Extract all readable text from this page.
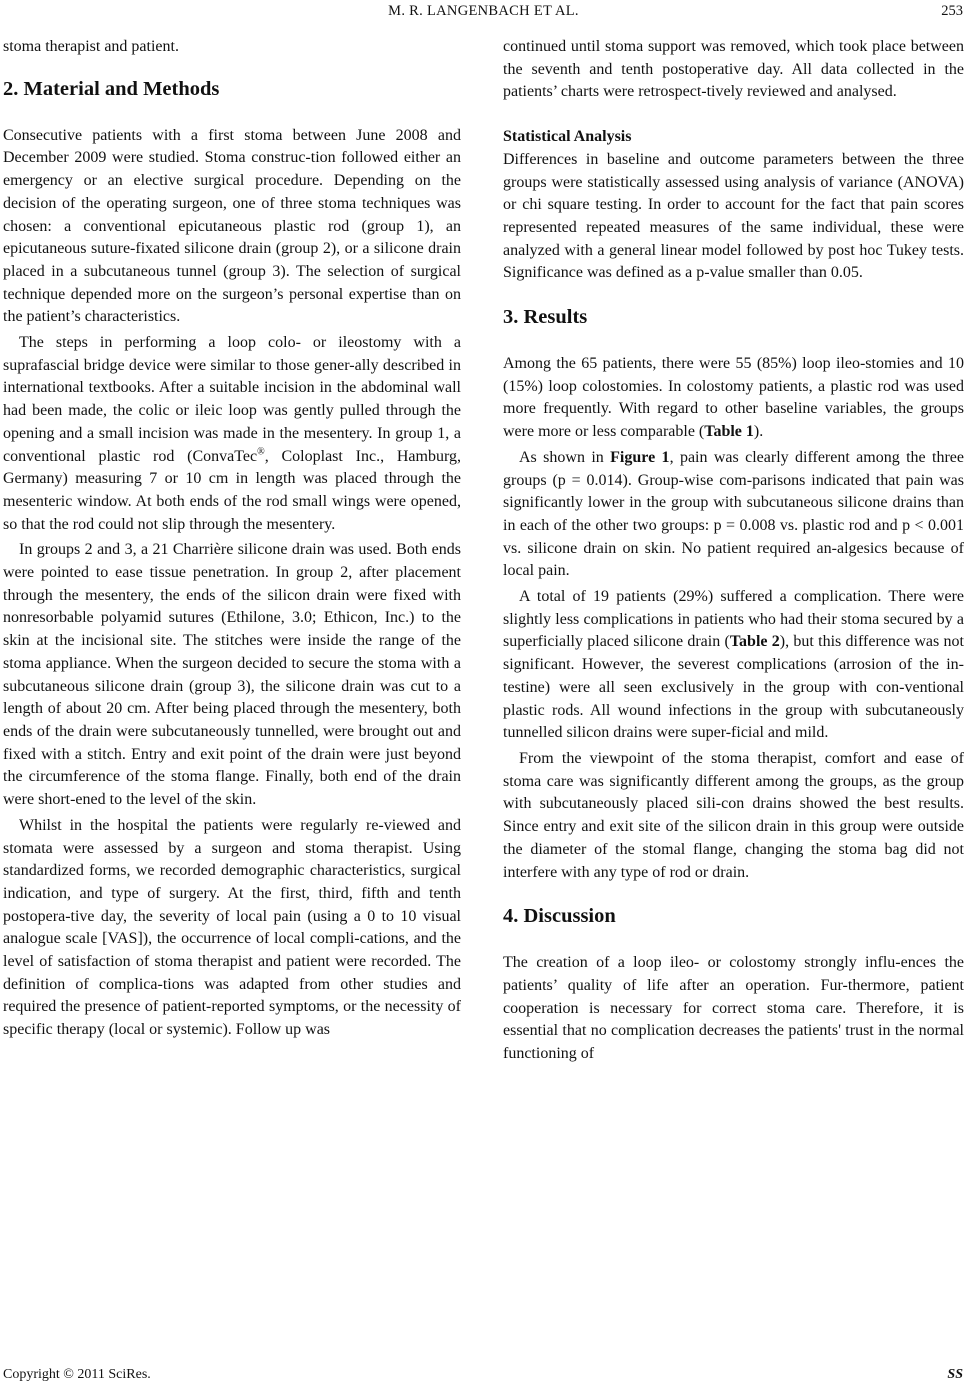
M. R. LANGENBACH ET AL.	253

stoma therapist and patient.

2. Material and Methods

Consecutive patients with a first stoma between June 2008 and December 2009 were studied. Stoma construc-tion followed either an emergency or an elective surgical procedure. Depending on the decision of the operating surgeon, one of three stoma techniques was chosen: a conventional epicutaneous plastic rod (group 1), an epicutaneous suture-fixated silicone drain (group 2), or a silicone drain placed in a subcutaneous tunnel (group 3). The selection of surgical technique depended more on the surgeon’s personal expertise than on the patient’s characteristics.

The steps in performing a loop colo- or ileostomy with a suprafascial bridge device were similar to those gener-ally described in international textbooks. After a suitable incision in the abdominal wall had been made, the colic or ileic loop was gently pulled through the opening and a small incision was made in the mesentery. In group 1, a conventional plastic rod (ConvaTec®, Coloplast Inc., Hamburg, Germany) measuring 7 or 10 cm in length was placed through the mesenteric window. At both ends of the rod small wings were opened, so that the rod could not slip through the mesentery.

In groups 2 and 3, a 21 Charrière silicone drain was used. Both ends were pointed to ease tissue penetration. In group 2, after placement through the mesentery, the ends of the silicon drain were fixed with nonresorbable polyamid sutures (Ethilone, 3.0; Ethicon, Inc.) to the skin at the incisional site. The stitches were inside the range of the stoma appliance. When the surgeon decided to secure the stoma with a subcutaneous silicone drain (group 3), the silicone drain was cut to a length of about 20 cm. After being placed through the mesentery, both ends of the drain were subcutaneously tunnelled, were brought out and fixed with a stitch. Entry and exit point of the drain were just beyond the circumference of the stoma flange. Finally, both end of the drain were short-ened to the level of the skin.

Whilst in the hospital the patients were regularly re-viewed and stomata were assessed by a surgeon and stoma therapist. Using standardized forms, we recorded demographic characteristics, surgical indication, and type of surgery. At the first, third, fifth and tenth postopera-tive day, the severity of local pain (using a 0 to 10 visual analogue scale [VAS]), the occurrence of local compli-cations, and the level of satisfaction of stoma therapist and patient were recorded. The definition of complica-tions was adapted from other studies and required the presence of patient-reported symptoms, or the necessity of specific therapy (local or systemic). Follow up was

continued until stoma support was removed, which took place between the seventh and tenth postoperative day. All data collected in the patients’ charts were retrospect-tively reviewed and analysed.

Statistical Analysis

Differences in baseline and outcome parameters between the three groups were statistically assessed using analysis of variance (ANOVA) or chi square testing. In order to account for the fact that pain scores represented repeated measures of the same individual, these were analyzed with a general linear model followed by post hoc Tukey tests. Significance was defined as a p-value smaller than 0.05.

3. Results

Among the 65 patients, there were 55 (85%) loop ileo-stomies and 10 (15%) loop colostomies. In colostomy patients, a plastic rod was used more frequently. With regard to other baseline variables, the groups were more or less comparable (Table 1).

As shown in Figure 1, pain was clearly different among the three groups (p = 0.014). Group-wise com-parisons indicated that pain was significantly lower in the group with subcutaneous silicone drains than in each of the other two groups: p = 0.008 vs. plastic rod and p < 0.001 vs. silicone drain on skin. No patient required an-algesics because of local pain.

A total of 19 patients (29%) suffered a complication. There were slightly less complications in patients who had their stoma secured by a superficially placed silicone drain (Table 2), but this difference was not significant. However, the severest complications (arrosion of the in-testine) were all seen exclusively in the group with con-ventional plastic rods. All wound infections in the group with subcutaneously tunnelled silicon drains were super-ficial and mild.

From the viewpoint of the stoma therapist, comfort and ease of stoma care was significantly different among the groups, as the group with subcutaneously placed sili-con drains showed the best results. Since entry and exit site of the silicon drain in this group were outside the diameter of the stomal flange, changing the stoma bag did not interfere with any type of rod or drain.

4. Discussion

The creation of a loop ileo- or colostomy strongly influ-ences the patients’ quality of life after an operation. Fur-thermore, patient cooperation is necessary for correct stoma care. Therefore, it is essential that no complication decreases the patients' trust in the normal functioning of

Copyright © 2011 SciRes.	SS
